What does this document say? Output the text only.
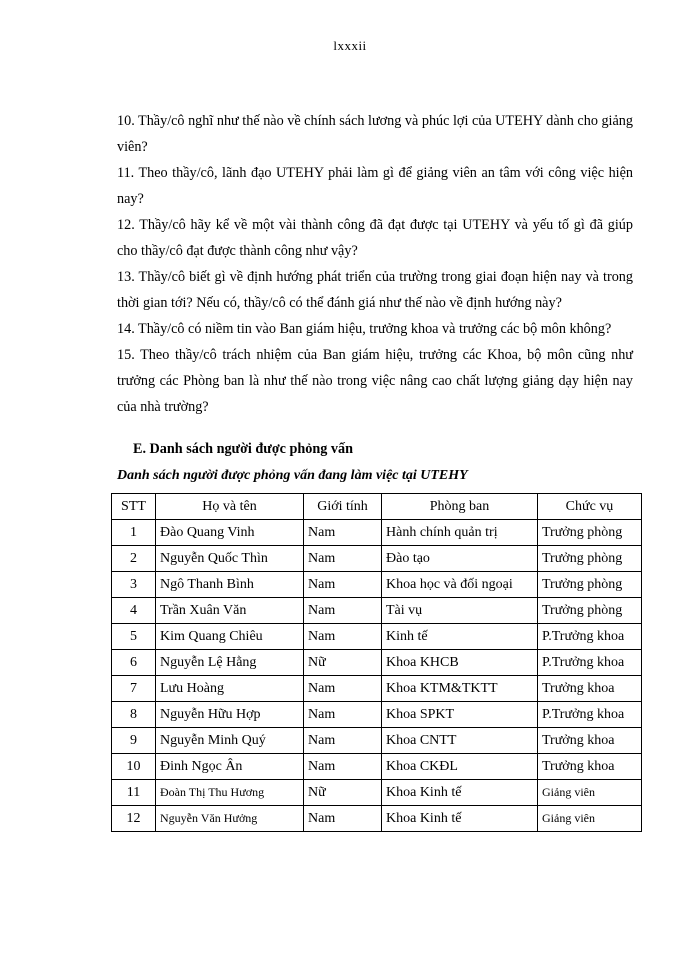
lxxxii

10. Thầy/cô nghĩ như thế nào về chính sách lương và phúc lợi của UTEHY dành cho giảng viên?

11. Theo thầy/cô, lãnh đạo UTEHY phải làm gì để giảng viên an tâm với công việc hiện nay?

12. Thầy/cô hãy kể về một vài thành công đã đạt được tại UTEHY và yếu tố gì đã giúp cho thầy/cô đạt được thành công như vậy?

13. Thầy/cô biết gì về định hướng phát triển của trường trong giai đoạn hiện nay và trong thời gian tới? Nếu có, thầy/cô có thể đánh giá như thế nào về định hướng này?

14. Thầy/cô có niềm tin vào Ban giám hiệu, trưởng khoa và trưởng các bộ môn không?

15. Theo thầy/cô trách nhiệm của Ban giám hiệu, trưởng các Khoa, bộ môn cũng như trưởng các Phòng ban là như thế nào trong việc nâng cao chất lượng giảng dạy hiện nay của nhà trường?

E. Danh sách người được phỏng vấn
Danh sách người được phỏng vấn đang làm việc tại UTEHY
STT	Họ và tên	Giới tính	Phòng ban	Chức vụ
1	Đào Quang Vinh	Nam	Hành chính quản trị	Trưởng phòng
2	Nguyễn Quốc Thìn	Nam	Đào tạo	Trưởng phòng
3	Ngô Thanh Bình	Nam	Khoa học và đối ngoại	Trưởng phòng
4	Trần Xuân Văn	Nam	Tài vụ	Trưởng phòng
5	Kim Quang Chiêu	Nam	Kinh tế	P.Trưởng khoa
6	Nguyễn Lệ Hằng	Nữ	Khoa KHCB	P.Trưởng khoa
7	Lưu Hoàng	Nam	Khoa KTM&TKTT	Trưởng khoa
8	Nguyễn Hữu Hợp	Nam	Khoa SPKT	P.Trưởng khoa
9	Nguyễn Minh Quý	Nam	Khoa CNTT	Trưởng khoa
10	Đinh Ngọc Ân	Nam	Khoa CKĐL	Trưởng khoa
11	Đoàn Thị Thu Hương	Nữ	Khoa Kinh tế	Giảng viên
12	Nguyễn Văn Hưởng	Nam	Khoa Kinh tế	Giảng viên
